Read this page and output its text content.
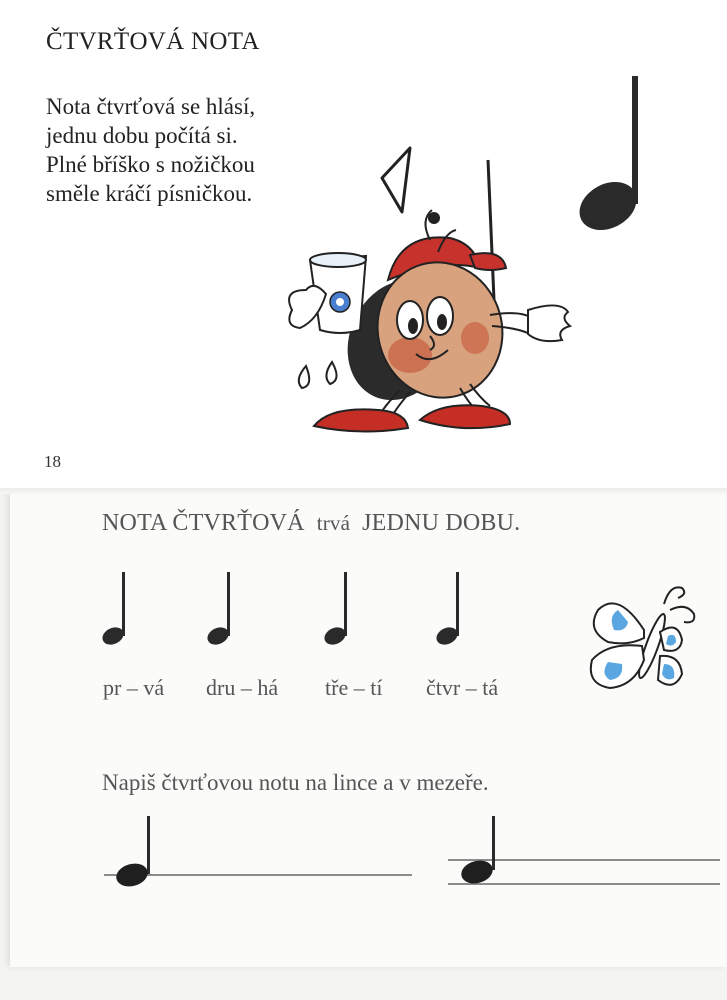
ČTVRŤOVÁ NOTA
Nota čtvrťová se hlásí,
jednu dobu počítá si.
Plné bříško s nožičkou
směle kráčí písničkou.
18
NOTA ČTVRŤOVÁ trvá JEDNU DOBU.
pr – vá dru – há tře – tí čtvr – tá
Napiš čtvrťovou notu na lince a v mezeře.
